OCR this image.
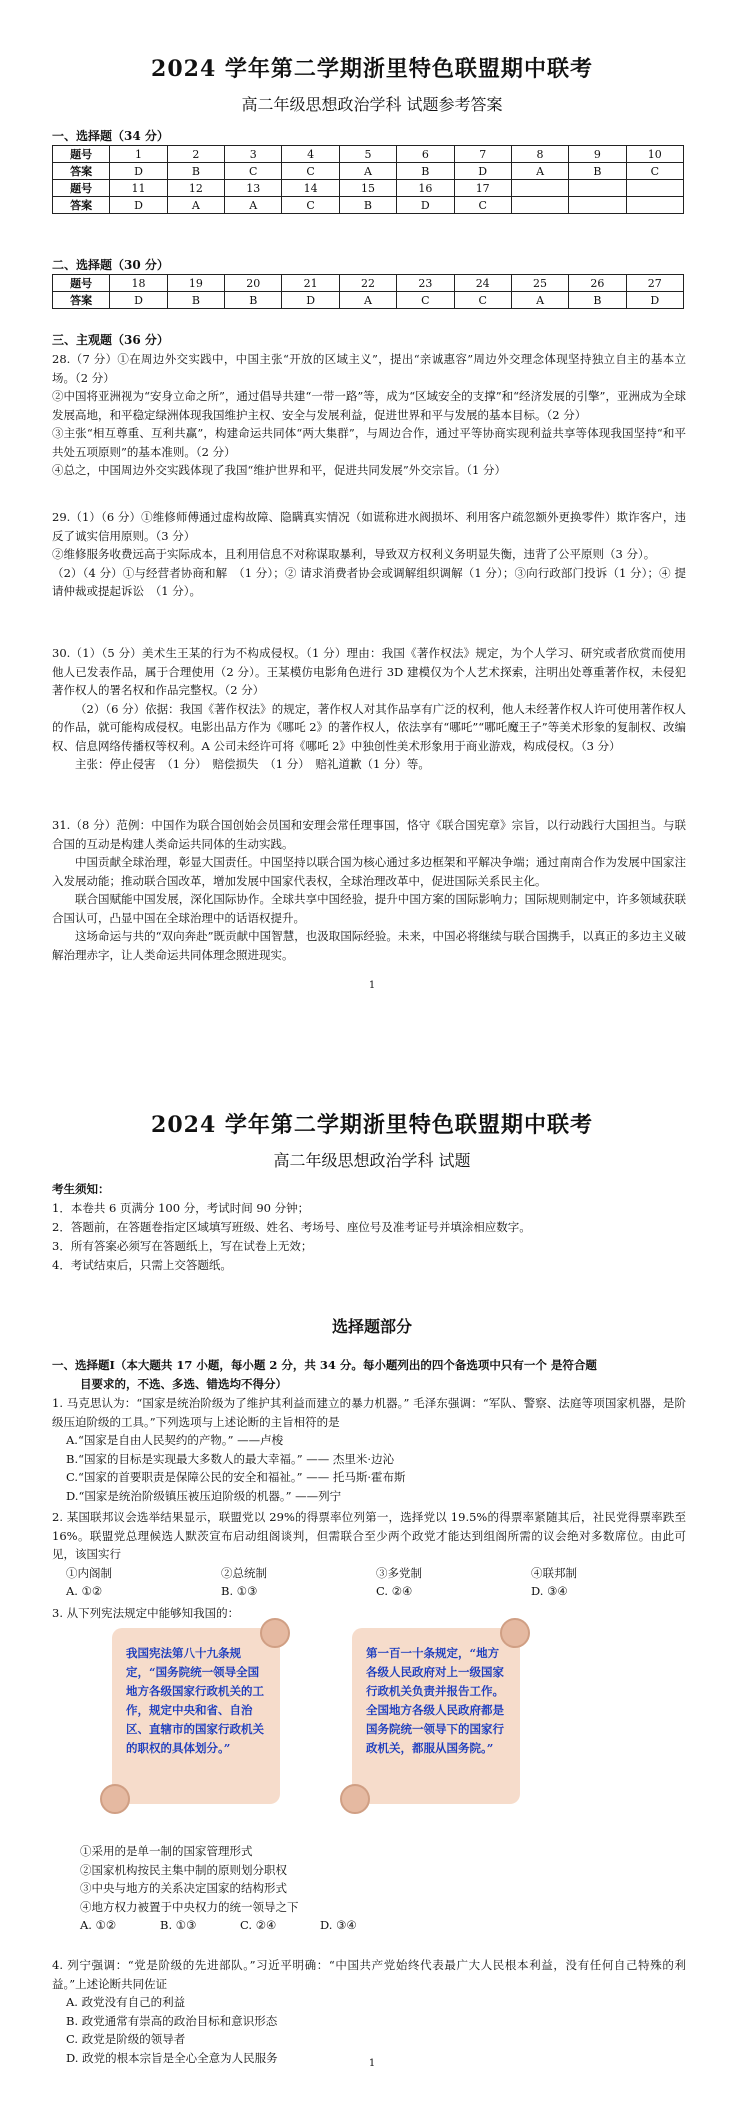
2024 学年第二学期浙里特色联盟期中联考
高二年级思想政治学科 试题参考答案
一、选择题（34 分）
题号	1	2	3	4	5	6	7	8	9	10
答案	D	B	C	C	A	B	D	A	B	C
题号	11	12	13	14	15	16	17			
答案	D	A	A	C	B	D	C			
二、选择题（30 分）
题号	18	19	20	21	22	23	24	25	26	27
答案	D	B	B	D	A	C	C	A	B	D
三、主观题（36 分）

28.（7 分）①在周边外交实践中，中国主张“开放的区域主义”，提出“亲诚惠容”周边外交理念体现坚持独立自主的基本立场。（2 分）

②中国将亚洲视为“安身立命之所”，通过倡导共建“一带一路”等，成为“区域安全的支撑”和“经济发展的引擎”，亚洲成为全球发展高地，和平稳定绿洲体现我国维护主权、安全与发展利益，促进世界和平与发展的基本目标。（2 分）

③主张“相互尊重、互利共赢”，构建命运共同体“两大集群”，与周边合作，通过平等协商实现利益共享等体现我国坚持“和平共处五项原则”的基本准则。（2 分）

④总之，中国周边外交实践体现了我国“维护世界和平，促进共同发展”外交宗旨。（1 分）

29.（1）（6 分）①维修师傅通过虚构故障、隐瞒真实情况（如谎称进水阀损坏、利用客户疏忽额外更换零件）欺诈客户，违反了诚实信用原则。（3 分）

②维修服务收费远高于实际成本，且利用信息不对称谋取暴利，导致双方权利义务明显失衡，违背了公平原则（3 分）。

（2）（4 分）①与经营者协商和解　（1 分）；② 请求消费者协会或调解组织调解（1 分）；③向行政部门投诉（1 分）；④ 提请仲裁或提起诉讼　（1 分）。

30.（1）（5 分）美术生王某的行为不构成侵权。（1 分）理由：我国《著作权法》规定，为个人学习、研究或者欣赏而使用他人已发表作品，属于合理使用（2 分）。王某模仿电影角色进行 3D 建模仅为个人艺术探索，注明出处尊重著作权，未侵犯著作权人的署名权和作品完整权。（2 分）

（2）（6 分）依据：我国《著作权法》的规定，著作权人对其作品享有广泛的权利，他人未经著作权人许可使用著作权人的作品，就可能构成侵权。电影出品方作为《哪吒 2》的著作权人，依法享有“哪吒”“哪吒魔王子”等美术形象的复制权、改编权、信息网络传播权等权利。A 公司未经许可将《哪吒 2》中独创性美术形象用于商业游戏，构成侵权。（3 分）

主张：停止侵害　（1 分）　赔偿损失　（1 分）　赔礼道歉（1 分）等。

31.（8 分）范例：中国作为联合国创始会员国和安理会常任理事国，恪守《联合国宪章》宗旨，以行动践行大国担当。与联合国的互动是构建人类命运共同体的生动实践。

中国贡献全球治理，彰显大国责任。中国坚持以联合国为核心通过多边框架和平解决争端；通过南南合作为发展中国家注入发展动能；推动联合国改革，增加发展中国家代表权，全球治理改革中，促进国际关系民主化。

联合国赋能中国发展，深化国际协作。全球共享中国经验，提升中国方案的国际影响力；国际规则制定中，许多领域获联合国认可，凸显中国在全球治理中的话语权提升。

这场命运与共的“双向奔赴”既贡献中国智慧，也汲取国际经验。未来，中国必将继续与联合国携手，以真正的多边主义破解治理赤字，让人类命运共同体理念照进现实。

1
2024 学年第二学期浙里特色联盟期中联考
高二年级思想政治学科 试题

考生须知：

1．本卷共 6 页满分 100 分，考试时间 90 分钟；

2．答题前，在答题卷指定区域填写班级、姓名、考场号、座位号及准考证号并填涂相应数字。

3．所有答案必须写在答题纸上，写在试卷上无效；

4．考试结束后，只需上交答题纸。

选择题部分

一、选择题Ⅰ（本大题共 17 小题，每小题 2 分，共 34 分。每小题列出的四个备选项中只有一个 是符合题

目要求的，不选、多选、错选均不得分）

1. 马克思认为：“国家是统治阶级为了维护其利益而建立的暴力机器。” 毛泽东强调：“军队、警察、法庭等项国家机器，是阶级压迫阶级的工具。”下列选项与上述论断的主旨相符的是

A.“国家是自由人民契约的产物。” ——卢梭

B.“国家的目标是实现最大多数人的最大幸福。” —— 杰里米·边沁

C.“国家的首要职责是保障公民的安全和福祉。” —— 托马斯·霍布斯

D.“国家是统治阶级镇压被压迫阶级的机器。” ——列宁

2. 某国联邦议会选举结果显示，联盟党以 29%的得票率位列第一，选择党以 19.5%的得票率紧随其后，社民党得票率跌至 16%。联盟党总理候选人默茨宣布启动组阁谈判，但需联合至少两个政党才能达到组阁所需的议会绝对多数席位。由此可见，该国实行

①内阁制	②总统制	③多党制	④联邦制

A. ①②	B. ①③	C. ②④	D. ③④

3. 从下列宪法规定中能够知我国的：
我国宪法第八十九条规定，“国务院统一领导全国地方各级国家行政机关的工作，规定中央和省、自治区、直辖市的国家行政机关的职权的具体划分。”
第一百一十条规定，“地方各级人民政府对上一级国家行政机关负责并报告工作。全国地方各级人民政府都是国务院统一领导下的国家行政机关，都服从国务院。”

①采用的是单一制的国家管理形式

②国家机构按民主集中制的原则划分职权

③中央与地方的关系决定国家的结构形式

④地方权力被置于中央权力的统一领导之下

A. ①②	B. ①③	C. ②④	D. ③④

4. 列宁强调：“党是阶级的先进部队。”习近平明确：“中国共产党始终代表最广大人民根本利益，没有任何自己特殊的利益。”上述论断共同佐证

A. 政党没有自己的利益B. 政党通常有崇高的政治目标和意识形态

C. 政党是阶级的领导者D. 政党的根本宗旨是全心全意为人民服务	1
